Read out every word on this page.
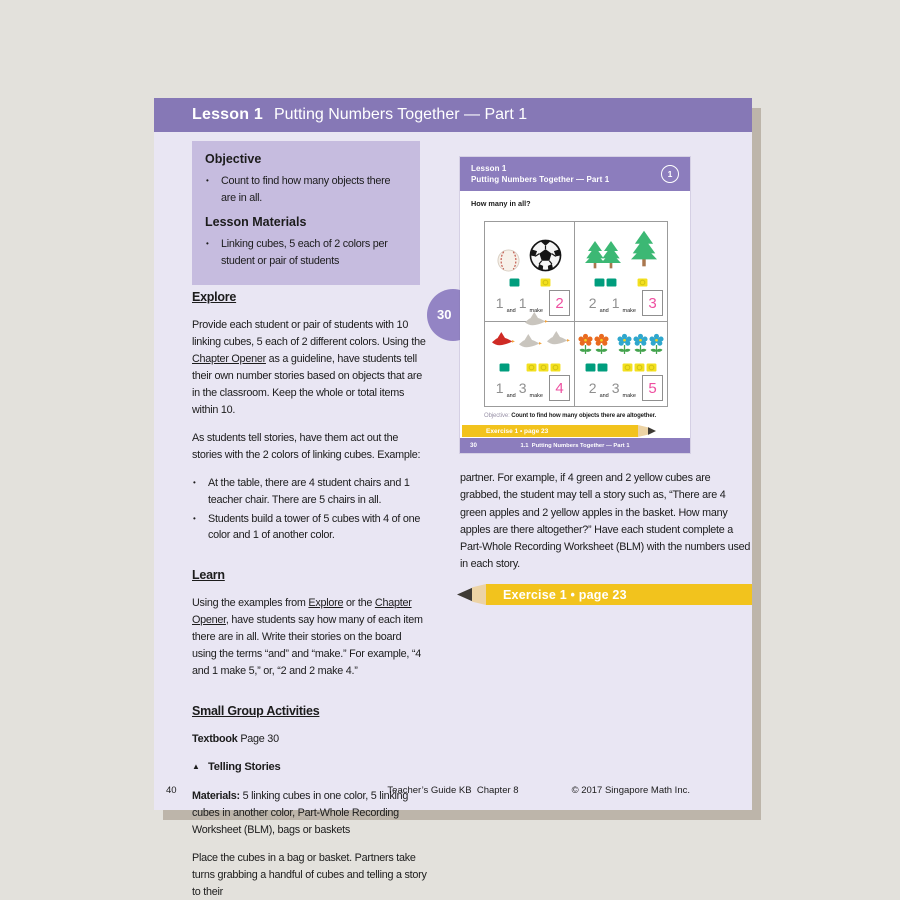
Lesson 1 Putting Numbers Together — Part 1
Objective
•	Count to find how many objects there are in all.
Lesson Materials
•	Linking cubes, 5 each of 2 colors per student or pair of students
Explore

Provide each student or pair of students with 10 linking cubes, 5 each of 2 different colors. Using the Chapter Opener as a guideline, have students tell their own number stories based on objects that are in the classroom. Keep the whole or total items within 10.

As students tell stories, have them act out the stories with the 2 colors of linking cubes. Example:

•	At the table, there are 4 student chairs and 1 teacher chair. There are 5 chairs in all.
•	Students build a tower of 5 cubes with 4 of one color and 1 of another color.
Learn

Using the examples from Explore or the Chapter Opener, have students say how many of each item there are in all. Write their stories on the board using the terms “and” and “make.” For example, “4 and 1 make 5,” or, “2 and 2 make 4.”

Small Group Activities

Textbook Page 30

▲ Telling Stories

Materials: 5 linking cubes in one color, 5 linking cubes in another color, Part-Whole Recording Worksheet (BLM), bags or baskets

Place the cubes in a bag or basket. Partners take turns grabbing a handful of cubes and telling a story to their

30
Lesson 1
Putting Numbers Together — Part 1
1
How many in all?
1 and 1 make 2	2 and 1 make 3
1 and 3 make 4	2 and 3 make 5
Objective: Count to find how many objects there are altogether.
Exercise 1 • page 23
30	1.1  Putting Numbers Together — Part 1

partner. For example, if 4 green and 2 yellow cubes are grabbed, the student may tell a story such as, “There are 4 green apples and 2 yellow apples in the basket. How many apples are there altogether?” Have each student complete a Part-Whole Recording Worksheet (BLM) with the numbers used in each story.

Exercise 1 • page 23
40	Teacher’s Guide KB  Chapter 8	© 2017 Singapore Math Inc.
